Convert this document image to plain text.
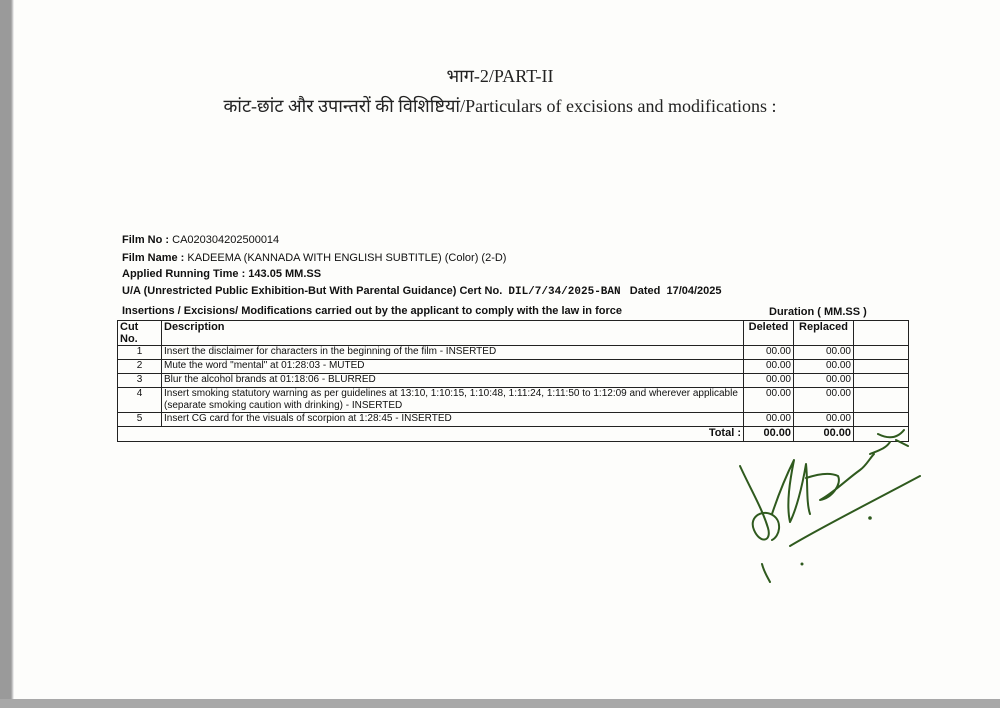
भाग-2/PART-II
कांट-छांट और उपान्तरों की विशिष्टियां/Particulars of excisions and modifications :
Film No : CA020304202500014
Film Name : KADEEMA (KANNADA WITH ENGLISH SUBTITLE) (Color) (2-D)
Applied Running Time : 143.05 MM.SS
U/A (Unrestricted Public Exhibition-But With Parental Guidance) Cert No. DIL/7/34/2025-BAN Dated 17/04/2025
Insertions / Excisions/ Modifications carried out by the applicant to comply with the law in force	Duration ( MM.SS )
Cut No.	Description	Deleted	Replaced	
1	Insert the disclaimer for characters in the beginning of the film - INSERTED	00.00	00.00	
2	Mute the word "mental" at 01:28:03 - MUTED	00.00	00.00	
3	Blur the alcohol brands at 01:18:06 - BLURRED	00.00	00.00	
4	Insert smoking statutory warning as per guidelines at 13:10, 1:10:15, 1:10:48, 1:11:24, 1:11:50 to 1:12:09 and wherever applicable (separate smoking caution with drinking) - INSERTED	00.00	00.00	
5	Insert CG card for the visuals of scorpion at 1:28:45 - INSERTED	00.00	00.00	
	Total :	00.00	00.00	
